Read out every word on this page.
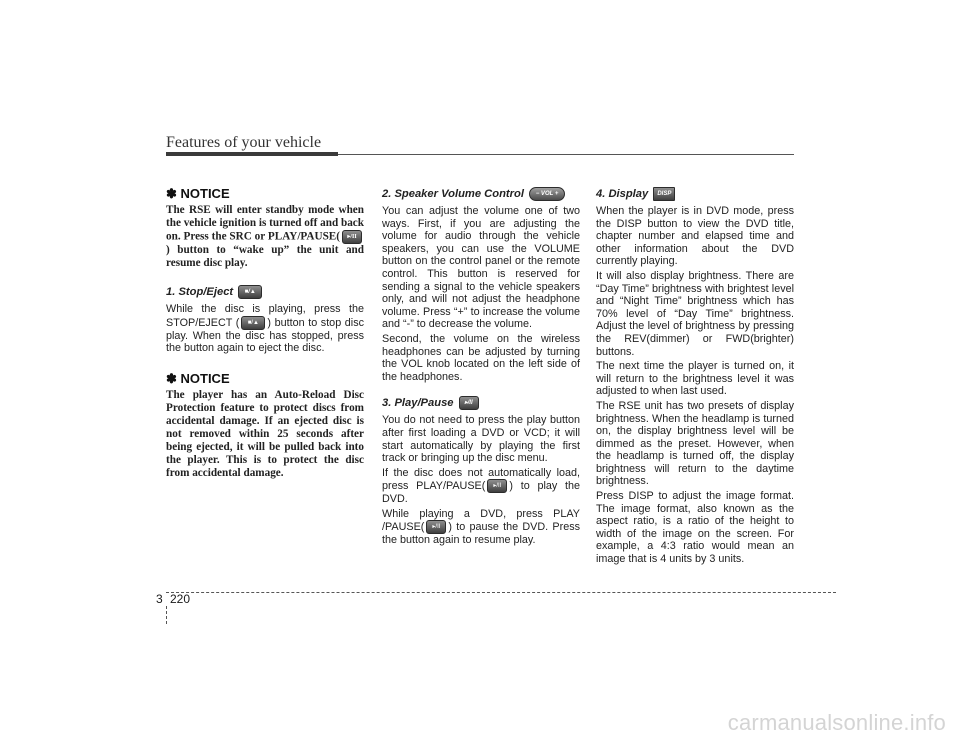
Features of your vehicle
✽ NOTICE

The RSE will enter standby mode when the vehicle ignition is turned off and back on. Press the SRC or PLAY/PAUSE( ▸/II) button to “wake up” the unit and resume disc play.

1. Stop/Eject ■/▲

While the disc is playing, press the STOP/EJECT ( ■/▲ ) button to stop disc play. When the disc has stopped, press the button again to eject the disc.

✽ NOTICE

The player has an Auto-Reload Disc Protection feature to protect discs from accidental damage. If an ejected disc is not removed within 25 seconds after being ejected, it will be pulled back into the player. This is to protect the disc from accidental damage.

2. Speaker Volume Control − VOL +

You can adjust the volume one of two ways. First, if you are adjusting the volume for audio through the vehicle speakers, you can use the VOLUME button on the control panel or the remote control. This button is reserved for sending a signal to the vehicle speakers only, and will not adjust the headphone volume. Press “+” to increase the volume and “-” to decrease the volume.

Second, the volume on the wireless headphones can be adjusted by turning the VOL knob located on the left side of the headphones.

3. Play/Pause ▸/II

You do not need to press the play button after first loading a DVD or VCD; it will start automatically by playing the first track or bringing up the disc menu.

If the disc does not automatically load, press PLAY/PAUSE( ▸/II ) to play the DVD.

While playing a DVD, press PLAY /PAUSE( ▸/II ) to pause the DVD. Press the button again to resume play.

4. Display DISP

When the player is in DVD mode, press the DISP button to view the DVD title, chapter number and elapsed time and other information about the DVD currently playing.

It will also display brightness. There are “Day Time” brightness with brightest level and “Night Time” brightness which has 70% level of “Day Time” brightness. Adjust the level of brightness by pressing the REV(dimmer) or FWD(brighter) buttons.

The next time the player is turned on, it will return to the brightness level it was adjusted to when last used.

The RSE unit has two presets of display brightness. When the headlamp is turned on, the display brightness level will be dimmed as the preset. However, when the headlamp is turned off, the display brightness will return to the daytime brightness.

Press DISP to adjust the image format. The image format, also known as the aspect ratio, is a ratio of the height to width of the image on the screen. For example, a 4:3 ratio would mean an image that is 4 units by 3 units.

3 220
carmanualsonline.info
